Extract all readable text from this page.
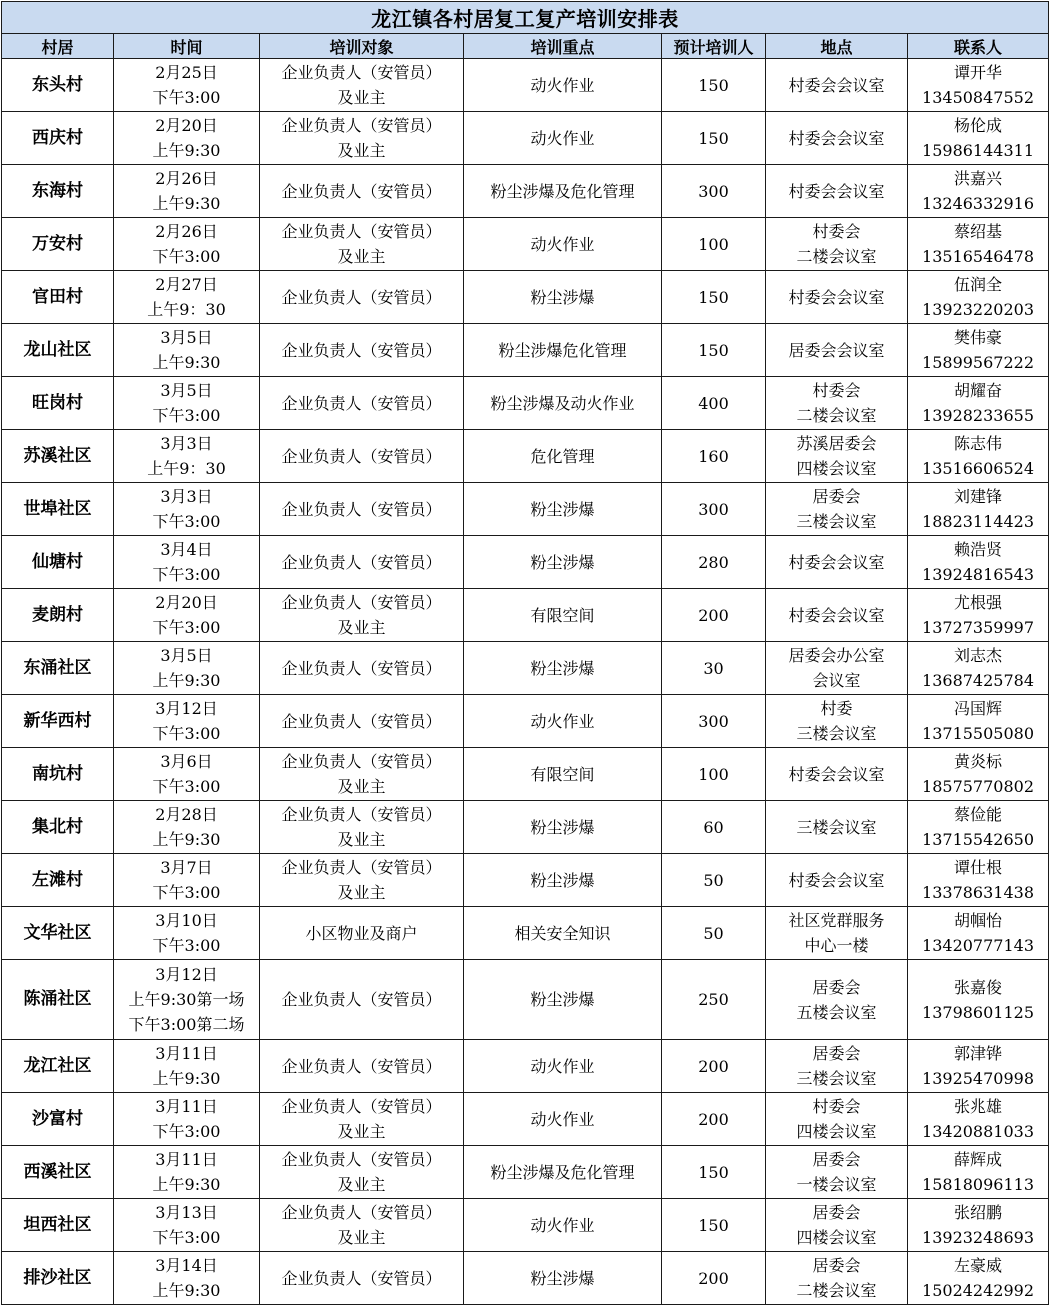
龙江镇各村居复工复产培训安排表						
村居	时间	培训对象	培训重点	预计培训人	地点	联系人
东头村	2月25日
下午3:00	企业负责人（安管员）
及业主	动火作业	150	村委会会议室	谭开华
13450847552

西庆村	2月20日
上午9:30	企业负责人（安管员）
及业主	动火作业	150	村委会会议室	杨伦成
15986144311

东海村	2月26日
上午9:30	企业负责人（安管员）	粉尘涉爆及危化管理	300	村委会会议室	洪嘉兴
13246332916

万安村	2月26日
下午3:00	企业负责人（安管员）
及业主	动火作业	100	村委会
二楼会议室	蔡绍基
13516546478

官田村	2月27日
上午9：30	企业负责人（安管员）	粉尘涉爆	150	村委会会议室	伍润全
13923220203

龙山社区	3月5日
上午9:30	企业负责人（安管员）	粉尘涉爆危化管理	150	居委会会议室	樊伟豪
15899567222

旺岗村	3月5日
下午3:00	企业负责人（安管员）	粉尘涉爆及动火作业	400	村委会
二楼会议室	胡耀奋
13928233655

苏溪社区	3月3日
上午9：30	企业负责人（安管员）	危化管理	160	苏溪居委会
四楼会议室	陈志伟
13516606524

世埠社区	3月3日
下午3:00	企业负责人（安管员）	粉尘涉爆	300	居委会
三楼会议室	刘建锋
18823114423

仙塘村	3月4日
下午3:00	企业负责人（安管员）	粉尘涉爆	280	村委会会议室	赖浩贤
13924816543

麦朗村	2月20日
下午3:00	企业负责人（安管员）
及业主	有限空间	200	村委会会议室	尤根强
13727359997

东涌社区	3月5日
上午9:30	企业负责人（安管员）	粉尘涉爆	30	居委会办公室
会议室	刘志杰
13687425784

新华西村	3月12日
下午3:00	企业负责人（安管员）	动火作业	300	村委
三楼会议室	冯国辉
13715505080

南坑村	3月6日
下午3:00	企业负责人（安管员）
及业主	有限空间	100	村委会会议室	黄炎标
18575770802

集北村	2月28日
上午9:30	企业负责人（安管员）
及业主	粉尘涉爆	60	三楼会议室	蔡俭能
13715542650

左滩村	3月7日
下午3:00	企业负责人（安管员）
及业主	粉尘涉爆	50	村委会会议室	谭仕根
13378631438

文华社区	3月10日
下午3:00	小区物业及商户	相关安全知识	50	社区党群服务
中心一楼	胡帼怡
13420777143

陈涌社区	3月12日
上午9:30第一场
下午3:00第二场	企业负责人（安管员）	粉尘涉爆	250	居委会
五楼会议室	张嘉俊
13798601125

龙江社区	3月11日
上午9:30	企业负责人（安管员）	动火作业	200	居委会
三楼会议室	郭津铧
13925470998

沙富村	3月11日
下午3:00	企业负责人（安管员）
及业主	动火作业	200	村委会
四楼会议室	张兆雄
13420881033

西溪社区	3月11日
上午9:30	企业负责人（安管员）
及业主	粉尘涉爆及危化管理	150	居委会
一楼会议室	薛辉成
15818096113

坦西社区	3月13日
下午3:00	企业负责人（安管员）
及业主	动火作业	150	居委会
四楼会议室	张绍鹏
13923248693

排沙社区	3月14日
上午9:30	企业负责人（安管员）	粉尘涉爆	200	居委会
二楼会议室	左豪威
15024242992
